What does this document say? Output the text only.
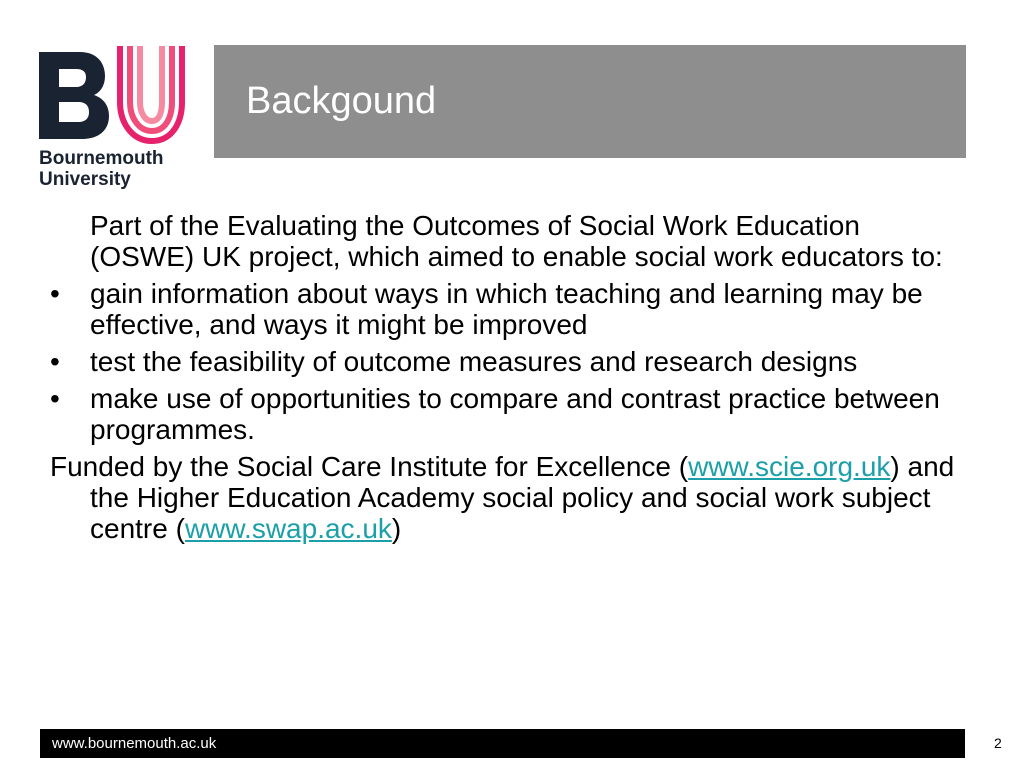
Bournemouth
University
Backgound

Part of the Evaluating the Outcomes of Social Work Education (OSWE) UK project, which aimed to enable social work educators to:

•	gain information about ways in which teaching and learning may be effective, and ways it might be improved
•	test the feasibility of outcome measures and research designs
•	make use of opportunities to compare and contrast practice between programmes.

Funded by the Social Care Institute for Excellence (www.scie.org.uk) and the Higher Education Academy social policy and social work subject centre (www.swap.ac.uk)

www.bournemouth.ac.uk	2
